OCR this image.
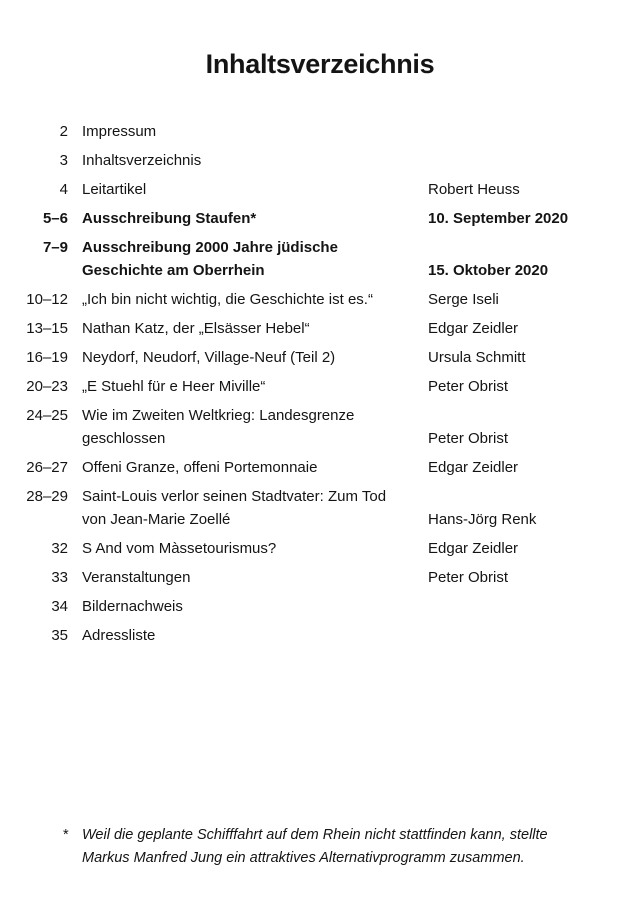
Inhaltsverzeichnis
2 Impressum
3 Inhaltsverzeichnis
4 Leitartikel	Robert Heuss
5–6 Ausschreibung Staufen*	10. September 2020
7–9 Ausschreibung 2000 Jahre jüdische
Geschichte am Oberrhein	15. Oktober 2020
10–12 „Ich bin nicht wichtig, die Geschichte ist es.“	Serge Iseli
13–15 Nathan Katz, der „Elsässer Hebel“	Edgar Zeidler
16–19 Neydorf, Neudorf, Village-Neuf (Teil 2)	Ursula Schmitt
20–23 „E Stuehl für e Heer Miville“	Peter Obrist
24–25 Wie im Zweiten Weltkrieg: Landesgrenze
geschlossen	Peter Obrist
26–27 Offeni Granze, offeni Portemonnaie	Edgar Zeidler
28–29 Saint-Louis verlor seinen Stadtvater: Zum Tod
von Jean-Marie Zoellé	Hans-Jörg Renk
32 S And vom Màssetourismus?	Edgar Zeidler
33 Veranstaltungen	Peter Obrist
34 Bildernachweis
35 Adressliste
* Weil die geplante Schifffahrt auf dem Rhein nicht stattfinden kann, stellte
Markus Manfred Jung ein attraktives Alternativprogramm zusammen.
